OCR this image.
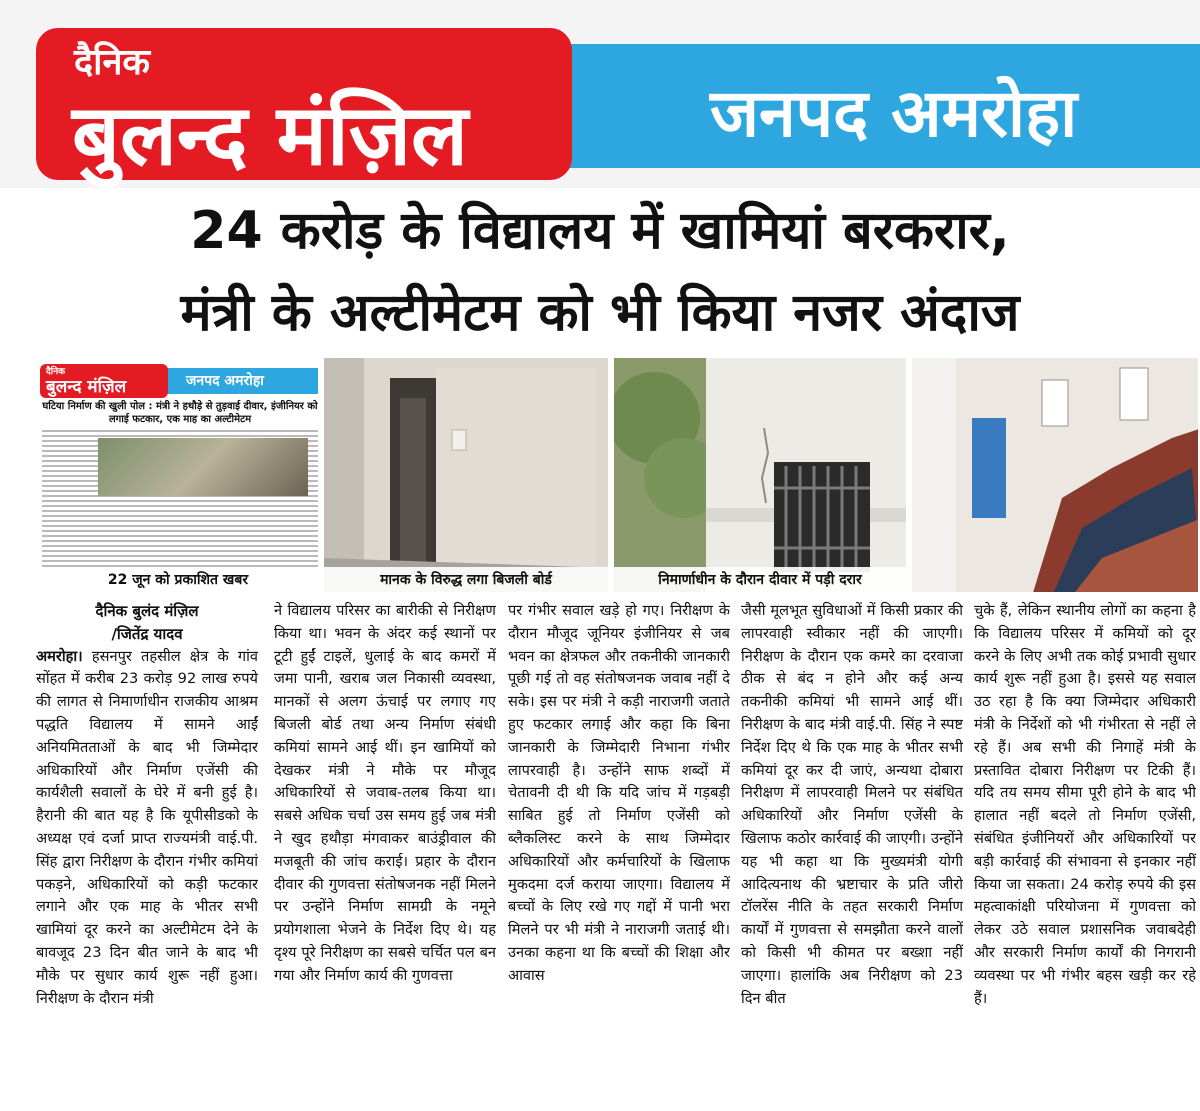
जनपद अमरोहा
दैनिक
बुलन्द मंज़िल
24 करोड़ के विद्यालय में खामियां बरकरार,
मंत्री के अल्टीमेटम को भी किया नजर अंदाज
जनपद अमरोहा
दैनिक
बुलन्द मंज़िल
घटिया निर्माण की खुली पोल : मंत्री ने हथौड़े से तुड़वाई दीवार, इंजीनियर को लगाई फटकार, एक माह का अल्टीमेटम
22 जून को प्रकाशित खबर	मानक के विरुद्ध लगा बिजली बोर्ड	निमार्णाधीन के दौरान दीवार में पड़ी दरार
दैनिक बुलंद मंज़िल
/जितेंद्र यादव
अमरोहा। हसनपुर तहसील क्षेत्र के गांव सोंहत में करीब 23 करोड़ 92 लाख रुपये की लागत से निमार्णाधीन राजकीय आश्रम पद्धति विद्यालय में सामने आईं अनियमितताओं के बाद भी जिम्मेदार अधिकारियों और निर्माण एजेंसी की कार्यशैली सवालों के घेरे में बनी हुई है। हैरानी की बात यह है कि यूपीसीडको के अध्यक्ष एवं दर्जा प्राप्त राज्यमंत्री वाई.पी. सिंह द्वारा निरीक्षण के दौरान गंभीर कमियां पकड़ने, अधिकारियों को कड़ी फटकार लगाने और एक माह के भीतर सभी खामियां दूर करने का अल्टीमेटम देने के बावजूद 23 दिन बीत जाने के बाद भी मौके पर सुधार कार्य शुरू नहीं हुआ। निरीक्षण के दौरान मंत्री
ने विद्यालय परिसर का बारीकी से निरीक्षण किया था। भवन के अंदर कई स्थानों पर टूटी हुईं टाइलें, धुलाई के बाद कमरों में जमा पानी, खराब जल निकासी व्यवस्था, मानकों से अलग ऊंचाई पर लगाए गए बिजली बोर्ड तथा अन्य निर्माण संबंधी कमियां सामने आई थीं। इन खामियों को देखकर मंत्री ने मौके पर मौजूद अधिकारियों से जवाब-तलब किया था। सबसे अधिक चर्चा उस समय हुई जब मंत्री ने खुद हथौड़ा मंगवाकर बाउंड्रीवाल की मजबूती की जांच कराई। प्रहार के दौरान दीवार की गुणवत्ता संतोषजनक नहीं मिलने पर उन्होंने निर्माण सामग्री के नमूने प्रयोगशाला भेजने के निर्देश दिए थे। यह दृश्य पूरे निरीक्षण का सबसे चर्चित पल बन गया और निर्माण कार्य की गुणवत्ता
पर गंभीर सवाल खड़े हो गए। निरीक्षण के दौरान मौजूद जूनियर इंजीनियर से जब भवन का क्षेत्रफल और तकनीकी जानकारी पूछी गई तो वह संतोषजनक जवाब नहीं दे सके। इस पर मंत्री ने कड़ी नाराजगी जताते हुए फटकार लगाई और कहा कि बिना जानकारी के जिम्मेदारी निभाना गंभीर लापरवाही है। उन्होंने साफ शब्दों में चेतावनी दी थी कि यदि जांच में गड़बड़ी साबित हुई तो निर्माण एजेंसी को ब्लैकलिस्ट करने के साथ जिम्मेदार अधिकारियों और कर्मचारियों के खिलाफ मुकदमा दर्ज कराया जाएगा। विद्यालय में बच्चों के लिए रखे गए गद्दों में पानी भरा मिलने पर भी मंत्री ने नाराजगी जताई थी। उनका कहना था कि बच्चों की शिक्षा और आवास
जैसी मूलभूत सुविधाओं में किसी प्रकार की लापरवाही स्वीकार नहीं की जाएगी। निरीक्षण के दौरान एक कमरे का दरवाजा ठीक से बंद न होने और कई अन्य तकनीकी कमियां भी सामने आई थीं। निरीक्षण के बाद मंत्री वाई.पी. सिंह ने स्पष्ट निर्देश दिए थे कि एक माह के भीतर सभी कमियां दूर कर दी जाएं, अन्यथा दोबारा निरीक्षण में लापरवाही मिलने पर संबंधित अधिकारियों और निर्माण एजेंसी के खिलाफ कठोर कार्रवाई की जाएगी। उन्होंने यह भी कहा था कि मुख्यमंत्री योगी आदित्यनाथ की भ्रष्टाचार के प्रति जीरो टॉलरेंस नीति के तहत सरकारी निर्माण कार्यों में गुणवत्ता से समझौता करने वालों को किसी भी कीमत पर बख्शा नहीं जाएगा। हालांकि अब निरीक्षण को 23 दिन बीत
चुके हैं, लेकिन स्थानीय लोगों का कहना है कि विद्यालय परिसर में कमियों को दूर करने के लिए अभी तक कोई प्रभावी सुधार कार्य शुरू नहीं हुआ है। इससे यह सवाल उठ रहा है कि क्या जिम्मेदार अधिकारी मंत्री के निर्देशों को भी गंभीरता से नहीं ले रहे हैं। अब सभी की निगाहें मंत्री के प्रस्तावित दोबारा निरीक्षण पर टिकी हैं। यदि तय समय सीमा पूरी होने के बाद भी हालात नहीं बदले तो निर्माण एजेंसी, संबंधित इंजीनियरों और अधिकारियों पर बड़ी कार्रवाई की संभावना से इनकार नहीं किया जा सकता। 24 करोड़ रुपये की इस महत्वाकांक्षी परियोजना में गुणवत्ता को लेकर उठे सवाल प्रशासनिक जवाबदेही और सरकारी निर्माण कार्यों की निगरानी व्यवस्था पर भी गंभीर बहस खड़ी कर रहे हैं।
